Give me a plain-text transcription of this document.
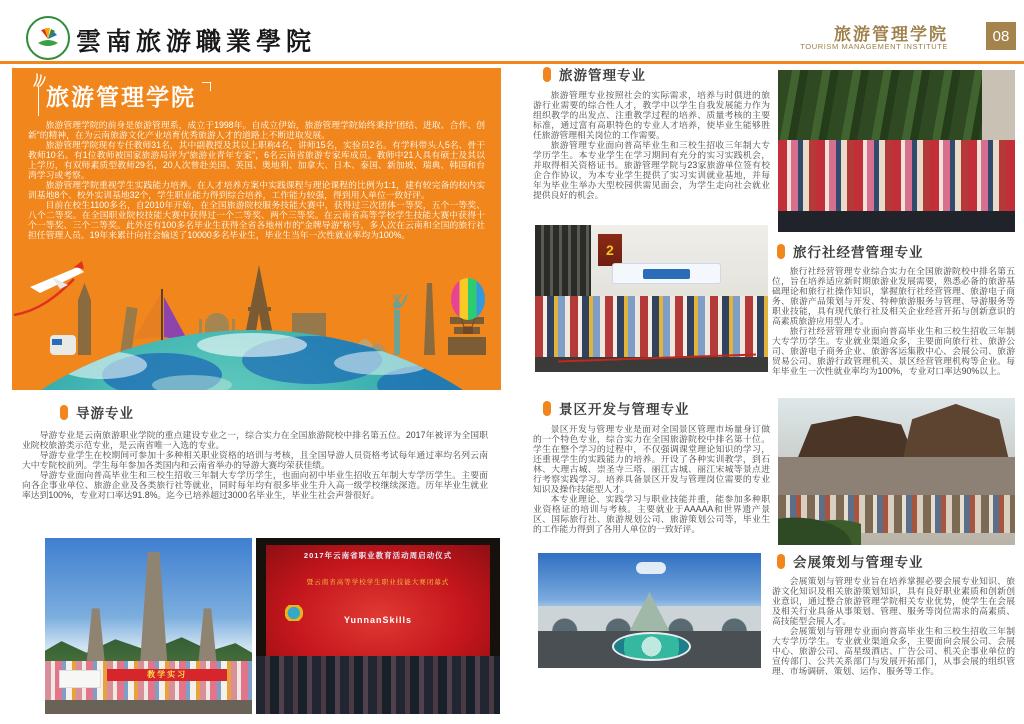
雲南旅游職業學院	旅游管理学院
TOURISM MANAGEMENT INSTITUTE
08
旅游管理学院

旅游管理学院的前身是旅游管理系，成立于1998年。自成立伊始，旅游管理学院始终秉持“团结、进取、合作、创新”的精神，在为云南旅游文化产业培育优秀旅游人才的道路上不断进取发展。

旅游管理学院现有专任教师31名，其中副教授及其以上职称4名，讲师15名，实验员2名。有学科带头人5名、骨干教师10名。有1位教师被国家旅游局评为“旅游业青年专家”，6名云南省旅游专家库成员。教师中21人具有硕士及其以上学历，有双师素质型教师29名，20人次曾赴美国、英国、奥地利、加拿大、日本、泰国、新加坡、瑞典、韩国和台湾学习或考察。

旅游管理学院重视学生实践能力培养。在人才培养方案中实践课程与理论课程的比例为1:1，建有较完备的校内实训基地8个、校外实训基地32个，学生职业能力得到综合培养，工作能力较强，得到用人单位一致好评。

目前在校生1100多名，自2010年开始，在全国旅游院校服务技能大赛中，获得过三次团体一等奖，五个一等奖、八个二等奖。在全国职业院校技能大赛中获得过一个二等奖、两个三等奖。在云南省高等学校学生技能大赛中获得十个一等奖、三个二等奖。此外还有100多名毕业生获得全省各地州市的“金牌导游”称号，多人次在云南和全国的旅行社担任管理人员。19年来累计向社会输送了10000多名毕业生，毕业生当年一次性就业率均为100%。

导游专业

导游专业是云南旅游职业学院的重点建设专业之一，综合实力在全国旅游院校中排名第五位。2017年被评为全国职业院校旅游类示范专业，是云南省唯一入选的专业。

导游专业学生在校期间可参加十多种相关职业资格的培训与考核，且全国导游人员资格考试每年通过率均名列云南大中专院校前列。学生每年参加各类国内和云南省举办的导游大赛均荣获佳绩。

导游专业面向普高毕业生和三校生招收三年制大专学历学生，也面向初中毕业生招收五年制大专学历学生。主要面向各企事业单位、旅游企业及各类旅行社等就业，同时每年均有很多毕业生升入高一级学校继续深造。历年毕业生就业率达到100%，专业对口率达91.8%。迄今已培养超过3000名毕业生，毕业生社会声誉很好。

教学实习
2017年云南省职业教育活动周启动仪式
暨云南省高等学校学生职业技能大赛闭幕式
YunnanSkills
旅游管理专业

旅游管理专业按照社会的实际需求，培养与时俱进的旅游行业需要的综合性人才，教学中以学生自我发展能力作为组织教学的出发点、注重教学过程的培养、质量考核的主要标准，通过富有高职特色的专业人才培养，使毕业生能够胜任旅游管理相关岗位的工作需要。

旅游管理专业面向普高毕业生和三校生招收三年制大专学历学生。本专业学生在学习期间有充分的实习实践机会，并取得相关资格证书。旅游管理学院与23家旅游单位签有校企合作协议，为本专业学生提供了实习实训就业基地，并每年为毕业生举办大型校园供需见面会，为学生走向社会就业提供良好的机会。

2
景区开发与管理专业

景区开发与管理专业是面对全国景区管理市场量身订做的一个特色专业，综合实力在全国旅游院校中排名第十位。学生在整个学习的过程中，不仅强调课堂理论知识的学习，还重视学生的实践能力的培养。开设了各种实训教学，到石林、大理古城、崇圣寺三塔、丽江古城、丽江宋城等景点进行考察实践学习。培养具备景区开发与管理岗位需要的专业知识及操作技能型人才。

本专业理论、实践学习与职业技能并重，能参加多种职业资格证的培训与考核。主要就业于AAAAA和世界遗产景区、国际旅行社、旅游规划公司、旅游策划公司等，毕业生的工作能力得到了各用人单位的一致好评。

旅行社经营管理专业

旅行社经营管理专业综合实力在全国旅游院校中排名第五位，旨在培养适应新时期旅游业发展需要，熟悉必备的旅游基础理论和旅行社操作知识，掌握旅行社经营管理、旅游电子商务、旅游产品策划与开发、特种旅游服务与管理、导游服务等职业技能，具有现代旅行社及相关企业经营开拓与创新意识的高素质旅游应用型人才。

旅行社经营管理专业面向普高毕业生和三校生招收三年制大专学历学生。专业就业渠道众多，主要面向旅行社、旅游公司、旅游电子商务企业、旅游客运集散中心、会展公司、旅游贸易公司、旅游行政管理机关、景区经营管理机构等企业。每年毕业生一次性就业率均为100%，专业对口率达90%以上。

会展策划与管理专业

会展策划与管理专业旨在培养掌握必要会展专业知识、旅游文化知识及相关旅游策划知识，具有良好职业素质和创新创业意识，通过整合旅游管理学院相关专业优势，使学生在会展及相关行业具备从事策划、管理、服务等岗位需求的高素质、高技能型会展人才。

会展策划与管理专业面向普高毕业生和三校生招收三年制大专学历学生。专业就业渠道众多，主要面向会展公司、会展中心、旅游公司、高星级酒店、广告公司、机关企事业单位的宣传部门、公共关系部门与发展开拓部门，从事会展的组织管理、市场调研、策划、运作、服务等工作。
